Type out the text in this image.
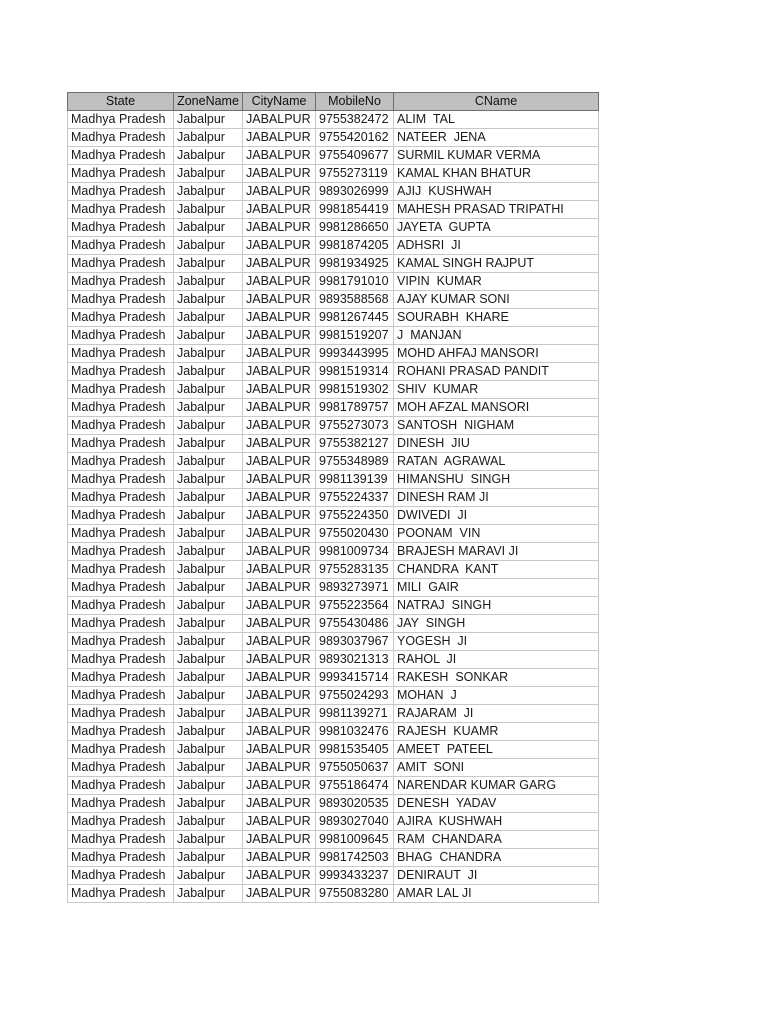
State	ZoneName	CityName	MobileNo	CName
Madhya Pradesh	Jabalpur	JABALPUR	9755382472	ALIM  TAL
Madhya Pradesh	Jabalpur	JABALPUR	9755420162	NATEER  JENA
Madhya Pradesh	Jabalpur	JABALPUR	9755409677	SURMIL KUMAR VERMA
Madhya Pradesh	Jabalpur	JABALPUR	9755273119	KAMAL KHAN BHATUR
Madhya Pradesh	Jabalpur	JABALPUR	9893026999	AJIJ  KUSHWAH
Madhya Pradesh	Jabalpur	JABALPUR	9981854419	MAHESH PRASAD TRIPATHI
Madhya Pradesh	Jabalpur	JABALPUR	9981286650	JAYETA  GUPTA
Madhya Pradesh	Jabalpur	JABALPUR	9981874205	ADHSRI  JI
Madhya Pradesh	Jabalpur	JABALPUR	9981934925	KAMAL SINGH RAJPUT
Madhya Pradesh	Jabalpur	JABALPUR	9981791010	VIPIN  KUMAR
Madhya Pradesh	Jabalpur	JABALPUR	9893588568	AJAY KUMAR SONI
Madhya Pradesh	Jabalpur	JABALPUR	9981267445	SOURABH  KHARE
Madhya Pradesh	Jabalpur	JABALPUR	9981519207	J  MANJAN
Madhya Pradesh	Jabalpur	JABALPUR	9993443995	MOHD AHFAJ MANSORI
Madhya Pradesh	Jabalpur	JABALPUR	9981519314	ROHANI PRASAD PANDIT
Madhya Pradesh	Jabalpur	JABALPUR	9981519302	SHIV  KUMAR
Madhya Pradesh	Jabalpur	JABALPUR	9981789757	MOH AFZAL MANSORI
Madhya Pradesh	Jabalpur	JABALPUR	9755273073	SANTOSH  NIGHAM
Madhya Pradesh	Jabalpur	JABALPUR	9755382127	DINESH  JIU
Madhya Pradesh	Jabalpur	JABALPUR	9755348989	RATAN  AGRAWAL
Madhya Pradesh	Jabalpur	JABALPUR	9981139139	HIMANSHU  SINGH
Madhya Pradesh	Jabalpur	JABALPUR	9755224337	DINESH RAM JI
Madhya Pradesh	Jabalpur	JABALPUR	9755224350	DWIVEDI  JI
Madhya Pradesh	Jabalpur	JABALPUR	9755020430	POONAM  VIN
Madhya Pradesh	Jabalpur	JABALPUR	9981009734	BRAJESH MARAVI JI
Madhya Pradesh	Jabalpur	JABALPUR	9755283135	CHANDRA  KANT
Madhya Pradesh	Jabalpur	JABALPUR	9893273971	MILI  GAIR
Madhya Pradesh	Jabalpur	JABALPUR	9755223564	NATRAJ  SINGH
Madhya Pradesh	Jabalpur	JABALPUR	9755430486	JAY  SINGH
Madhya Pradesh	Jabalpur	JABALPUR	9893037967	YOGESH  JI
Madhya Pradesh	Jabalpur	JABALPUR	9893021313	RAHOL  JI
Madhya Pradesh	Jabalpur	JABALPUR	9993415714	RAKESH  SONKAR
Madhya Pradesh	Jabalpur	JABALPUR	9755024293	MOHAN  J
Madhya Pradesh	Jabalpur	JABALPUR	9981139271	RAJARAM  JI
Madhya Pradesh	Jabalpur	JABALPUR	9981032476	RAJESH  KUAMR
Madhya Pradesh	Jabalpur	JABALPUR	9981535405	AMEET  PATEEL
Madhya Pradesh	Jabalpur	JABALPUR	9755050637	AMIT  SONI
Madhya Pradesh	Jabalpur	JABALPUR	9755186474	NARENDAR KUMAR GARG
Madhya Pradesh	Jabalpur	JABALPUR	9893020535	DENESH  YADAV
Madhya Pradesh	Jabalpur	JABALPUR	9893027040	AJIRA  KUSHWAH
Madhya Pradesh	Jabalpur	JABALPUR	9981009645	RAM  CHANDARA
Madhya Pradesh	Jabalpur	JABALPUR	9981742503	BHAG  CHANDRA
Madhya Pradesh	Jabalpur	JABALPUR	9993433237	DENIRAUT  JI
Madhya Pradesh	Jabalpur	JABALPUR	9755083280	AMAR LAL JI
